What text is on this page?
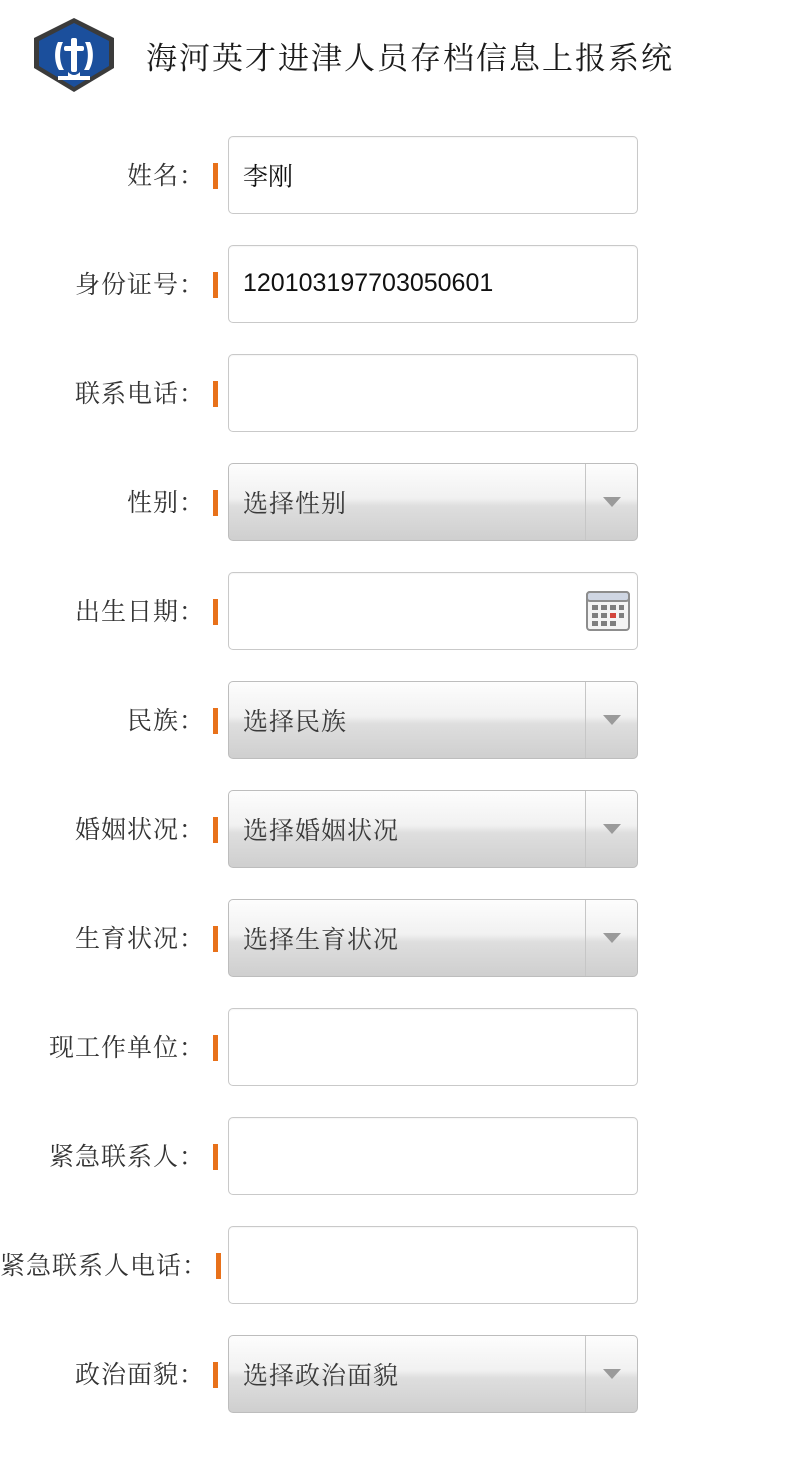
海河英才进津人员存档信息上报系统
姓名：	李刚
身份证号：	120103197703050601
联系电话：
性别：	选择性别
出生日期：
民族：	选择民族
婚姻状况：	选择婚姻状况
生育状况：	选择生育状况
现工作单位：
紧急联系人：
紧急联系人电话：
政治面貌：	选择政治面貌
